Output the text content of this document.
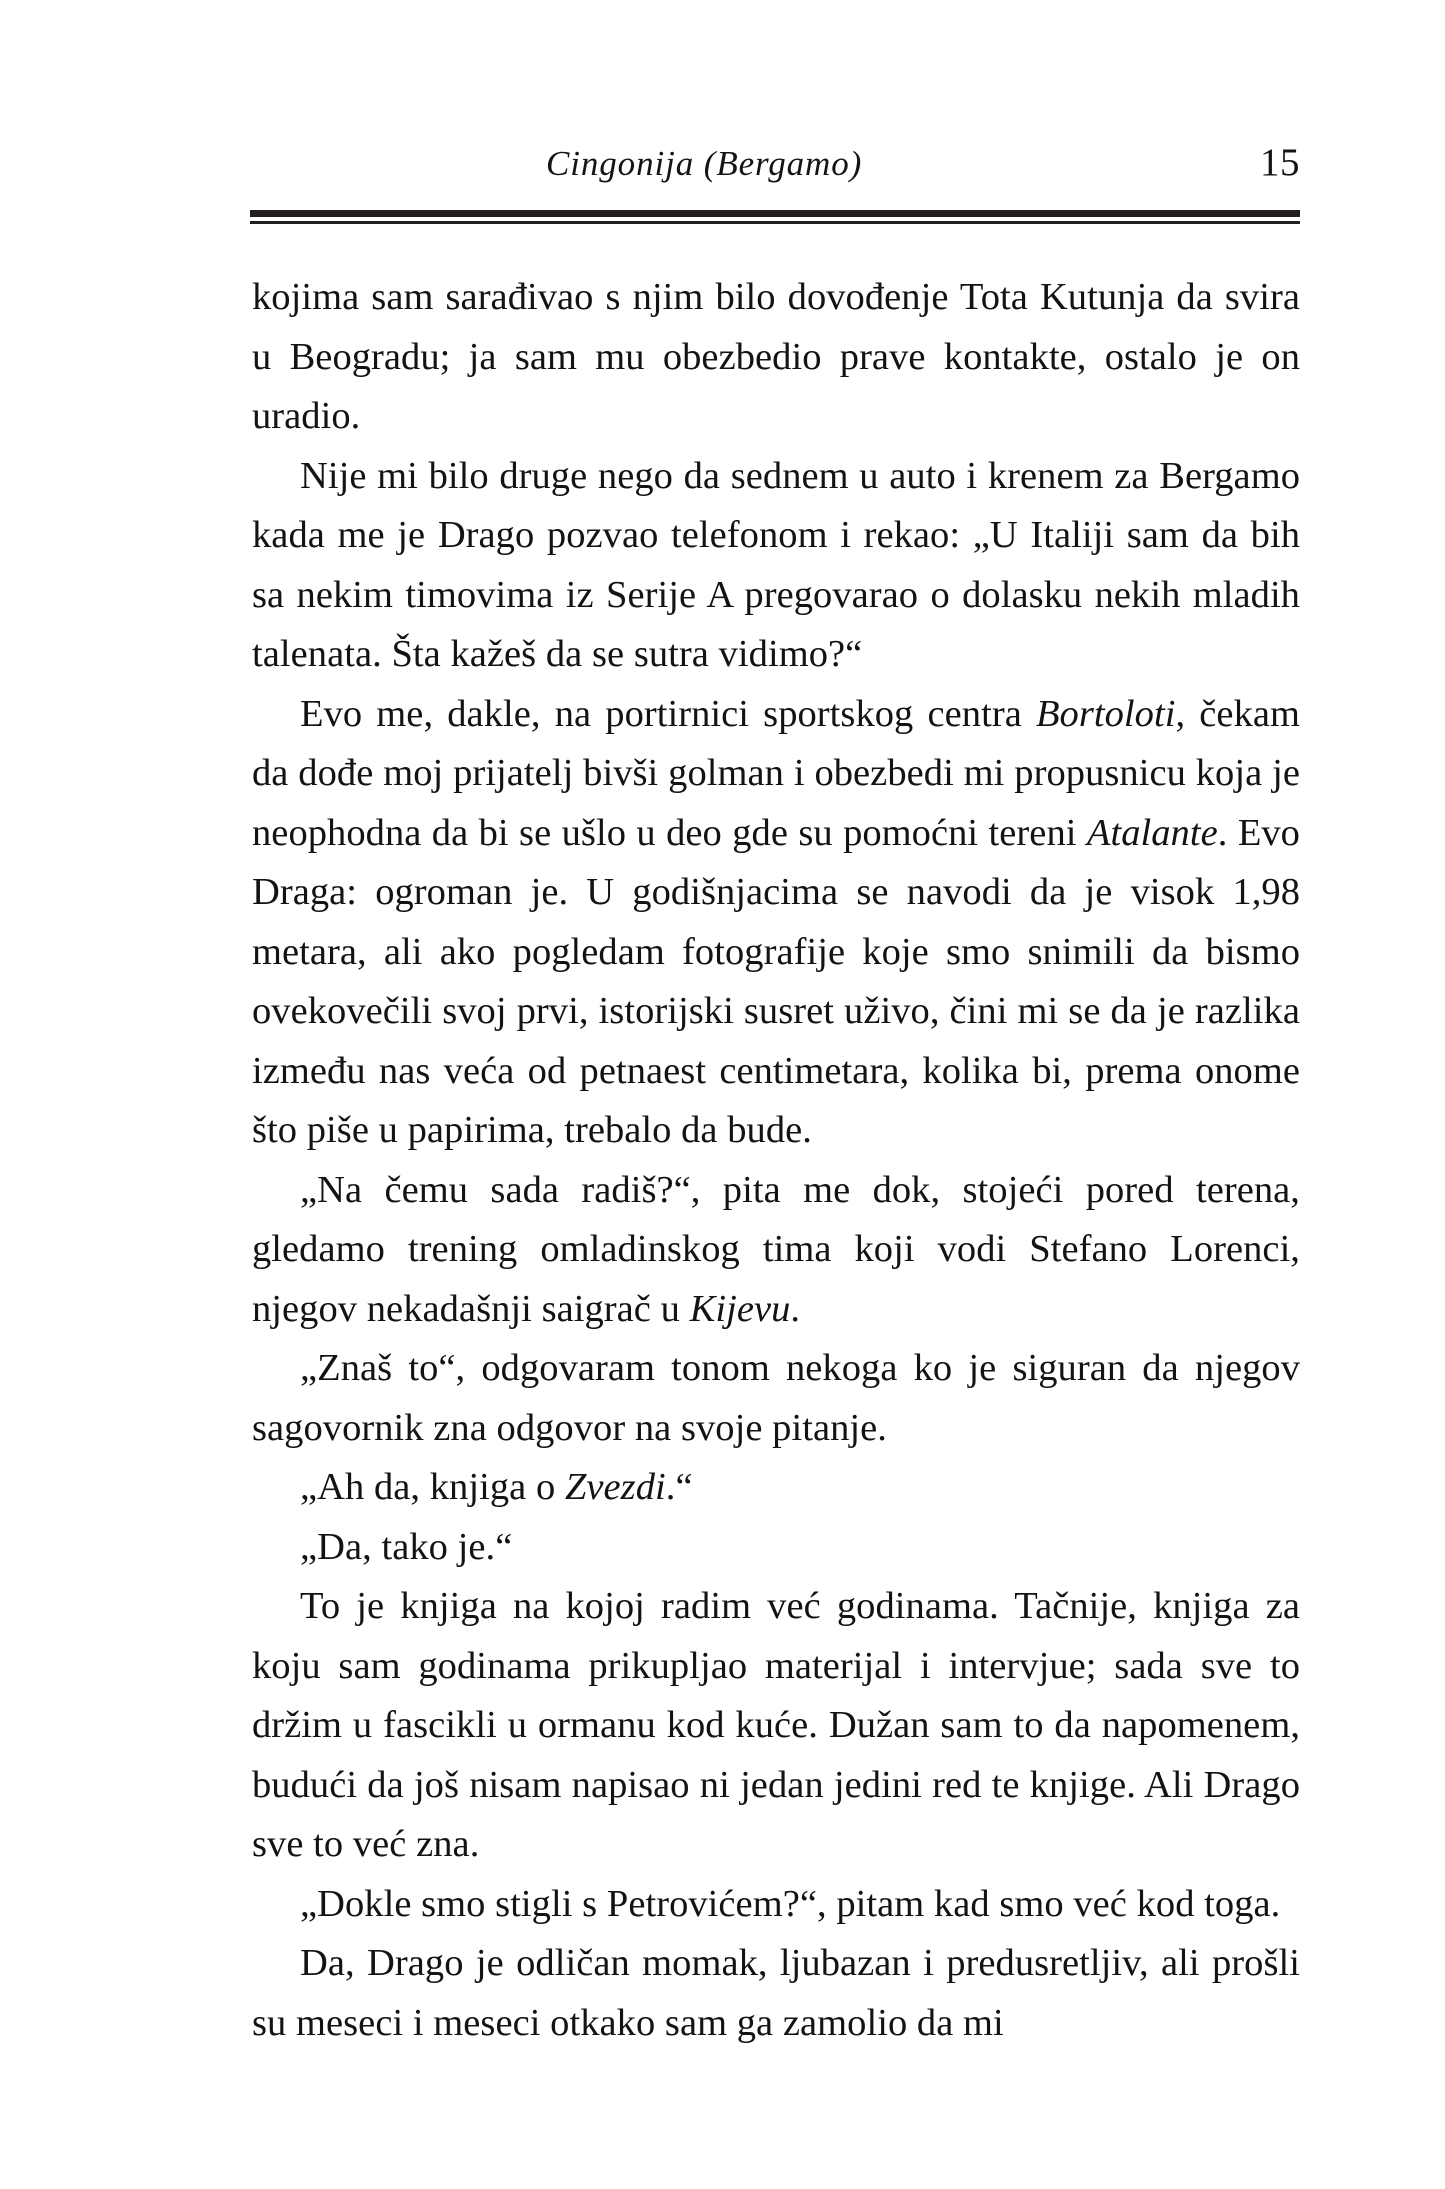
Cingonija (Bergamo)	15

kojima sam sarađivao s njim bilo dovođenje Tota Kutunja da svira u Beogradu; ja sam mu obezbedio prave kontakte, ostalo je on uradio.

Nije mi bilo druge nego da sednem u auto i krenem za Bergamo kada me je Drago pozvao telefonom i rekao: „U Italiji sam da bih sa nekim timovima iz Serije A pregovarao o dolasku nekih mladih talenata. Šta kažeš da se sutra vidimo?“

Evo me, dakle, na portirnici sportskog centra Bortoloti, čekam da dođe moj prijatelj bivši golman i obezbedi mi propusnicu koja je neophodna da bi se ušlo u deo gde su pomoćni tereni Atalante. Evo Draga: ogroman je. U godišnjacima se navodi da je visok 1,98 metara, ali ako pogledam fotografije koje smo snimili da bismo ovekovečili svoj prvi, istorijski susret uživo, čini mi se da je razlika između nas veća od petnaest centimetara, kolika bi, prema onome što piše u papirima, trebalo da bude.

„Na čemu sada radiš?“, pita me dok, stojeći pored terena, gledamo trening omladinskog tima koji vodi Stefano Lorenci, njegov nekadašnji saigrač u Kijevu.

„Znaš to“, odgovaram tonom nekoga ko je siguran da njegov sagovornik zna odgovor na svoje pitanje.

„Ah da, knjiga o Zvezdi.“

„Da, tako je.“

To je knjiga na kojoj radim već godinama. Tačnije, knjiga za koju sam godinama prikupljao materijal i intervjue; sada sve to držim u fascikli u ormanu kod kuće. Dužan sam to da napomenem, budući da još nisam napisao ni jedan jedini red te knjige. Ali Drago sve to već zna.

„Dokle smo stigli s Petrovićem?“, pitam kad smo već kod toga.

Da, Drago je odličan momak, ljubazan i predusretljiv, ali prošli su meseci i meseci otkako sam ga zamolio da mi
